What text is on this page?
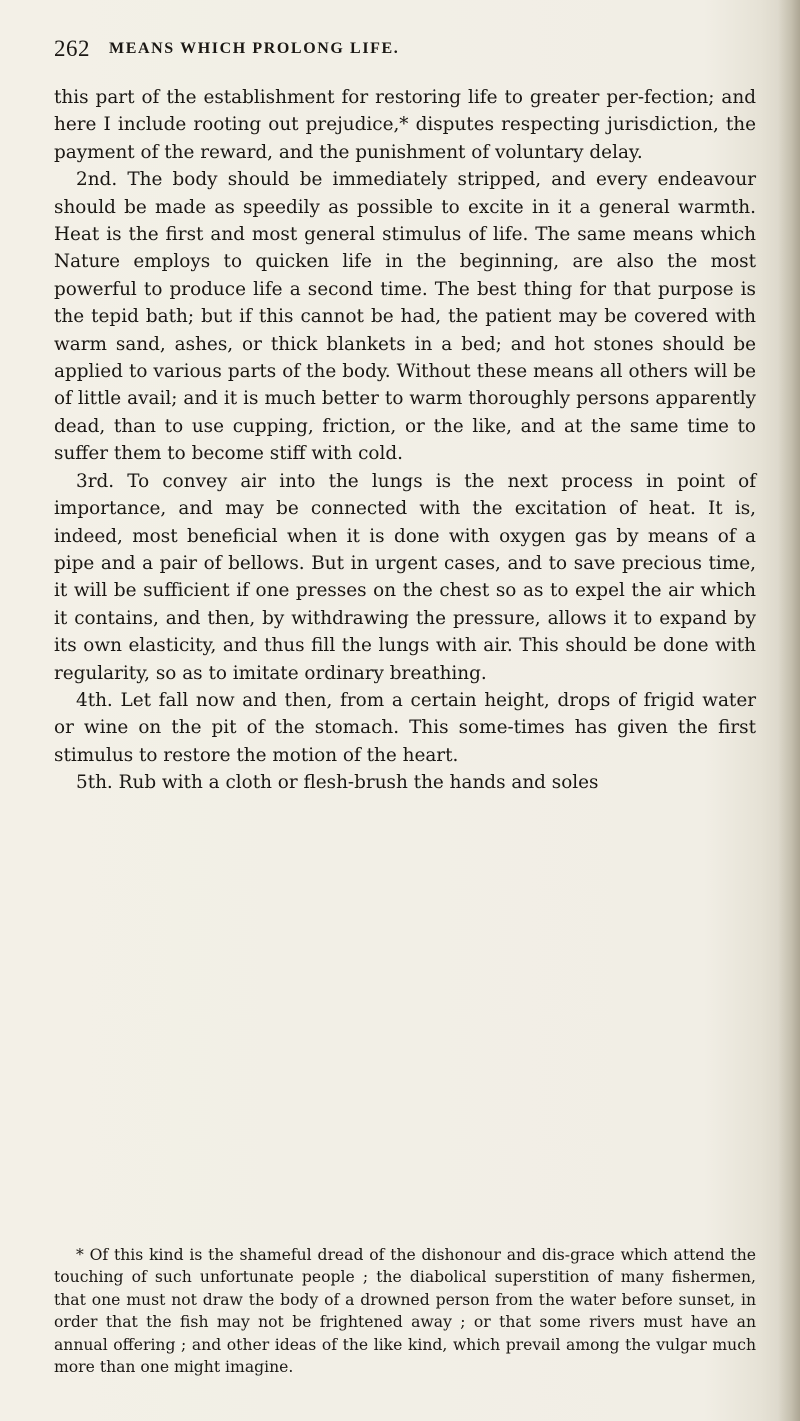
262 MEANS WHICH PROLONG LIFE.

this part of the establishment for restoring life to greater per-fection; and here I include rooting out prejudice,* disputes respecting jurisdiction, the payment of the reward, and the punishment of voluntary delay.

2nd. The body should be immediately stripped, and every endeavour should be made as speedily as possible to excite in it a general warmth. Heat is the first and most general stimulus of life. The same means which Nature employs to quicken life in the beginning, are also the most powerful to produce life a second time. The best thing for that purpose is the tepid bath; but if this cannot be had, the patient may be covered with warm sand, ashes, or thick blankets in a bed; and hot stones should be applied to various parts of the body. Without these means all others will be of little avail; and it is much better to warm thoroughly persons apparently dead, than to use cupping, friction, or the like, and at the same time to suffer them to become stiff with cold.

3rd. To convey air into the lungs is the next process in point of importance, and may be connected with the excitation of heat. It is, indeed, most beneficial when it is done with oxygen gas by means of a pipe and a pair of bellows. But in urgent cases, and to save precious time, it will be sufficient if one presses on the chest so as to expel the air which it contains, and then, by withdrawing the pressure, allows it to expand by its own elasticity, and thus fill the lungs with air. This should be done with regularity, so as to imitate ordinary breathing.

4th. Let fall now and then, from a certain height, drops of frigid water or wine on the pit of the stomach. This some-times has given the first stimulus to restore the motion of the heart.

5th. Rub with a cloth or flesh-brush the hands and soles

* Of this kind is the shameful dread of the dishonour and dis-grace which attend the touching of such unfortunate people ; the diabolical superstition of many fishermen, that one must not draw the body of a drowned person from the water before sunset, in order that the fish may not be frightened away ; or that some rivers must have an annual offering ; and other ideas of the like kind, which prevail among the vulgar much more than one might imagine.
